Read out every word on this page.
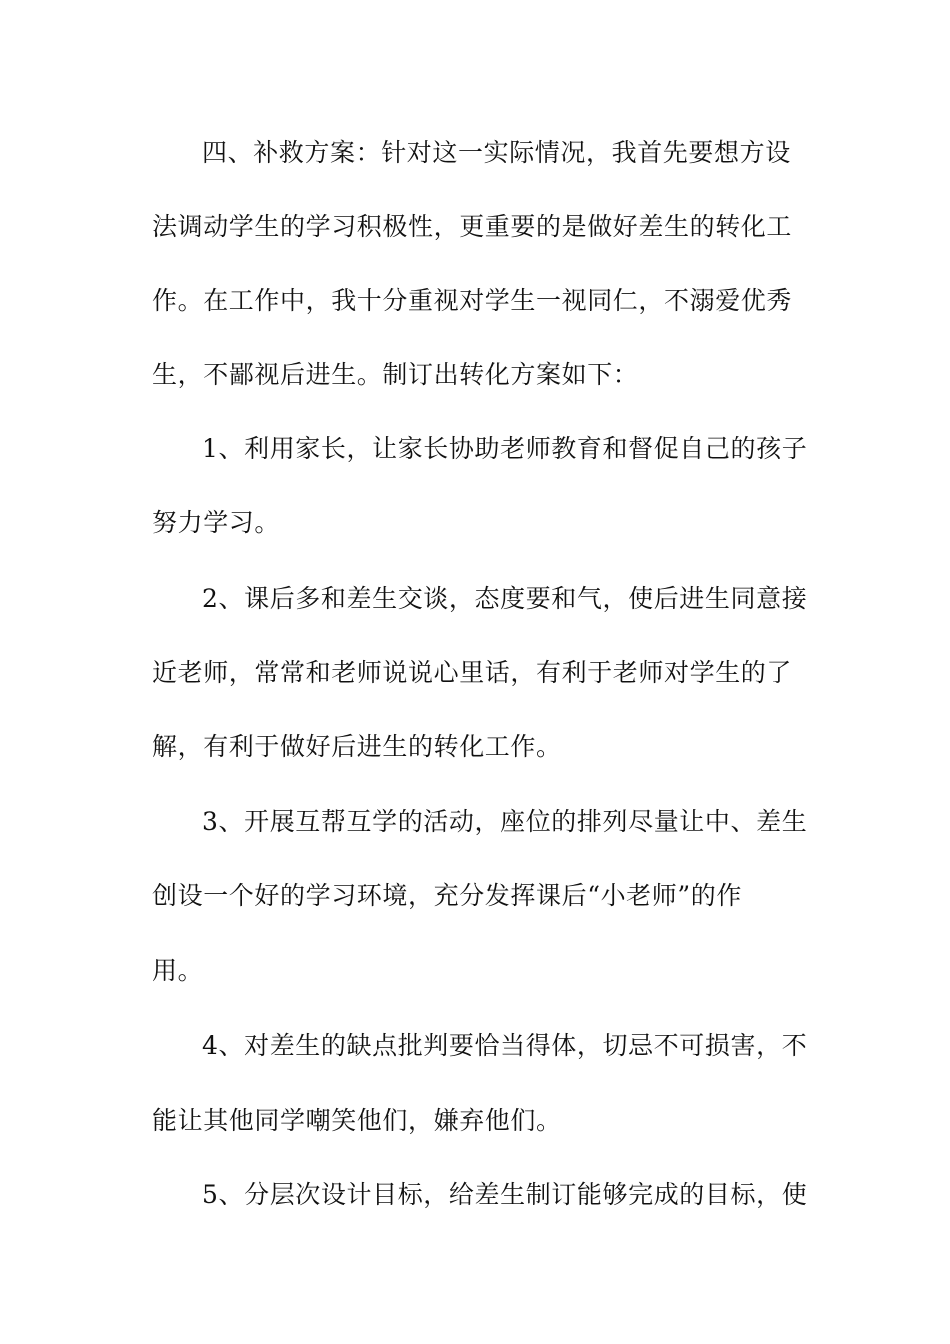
四、补救方案：针对这一实际情况，我首先要想方设
法调动学生的学习积极性，更重要的是做好差生的转化工
作。在工作中，我十分重视对学生一视同仁，不溺爱优秀
生，不鄙视后进生。制订出转化方案如下：
1、利用家长，让家长协助老师教育和督促自己的孩子
努力学习。
2、课后多和差生交谈，态度要和气，使后进生同意接
近老师，常常和老师说说心里话，有利于老师对学生的了
解，有利于做好后进生的转化工作。
3、开展互帮互学的活动，座位的排列尽量让中、差生
创设一个好的学习环境，充分发挥课后“小老师”的作
用。
4、对差生的缺点批判要恰当得体，切忌不可损害，不
能让其他同学嘲笑他们，嫌弃他们。
5、分层次设计目标，给差生制订能够完成的目标，使
